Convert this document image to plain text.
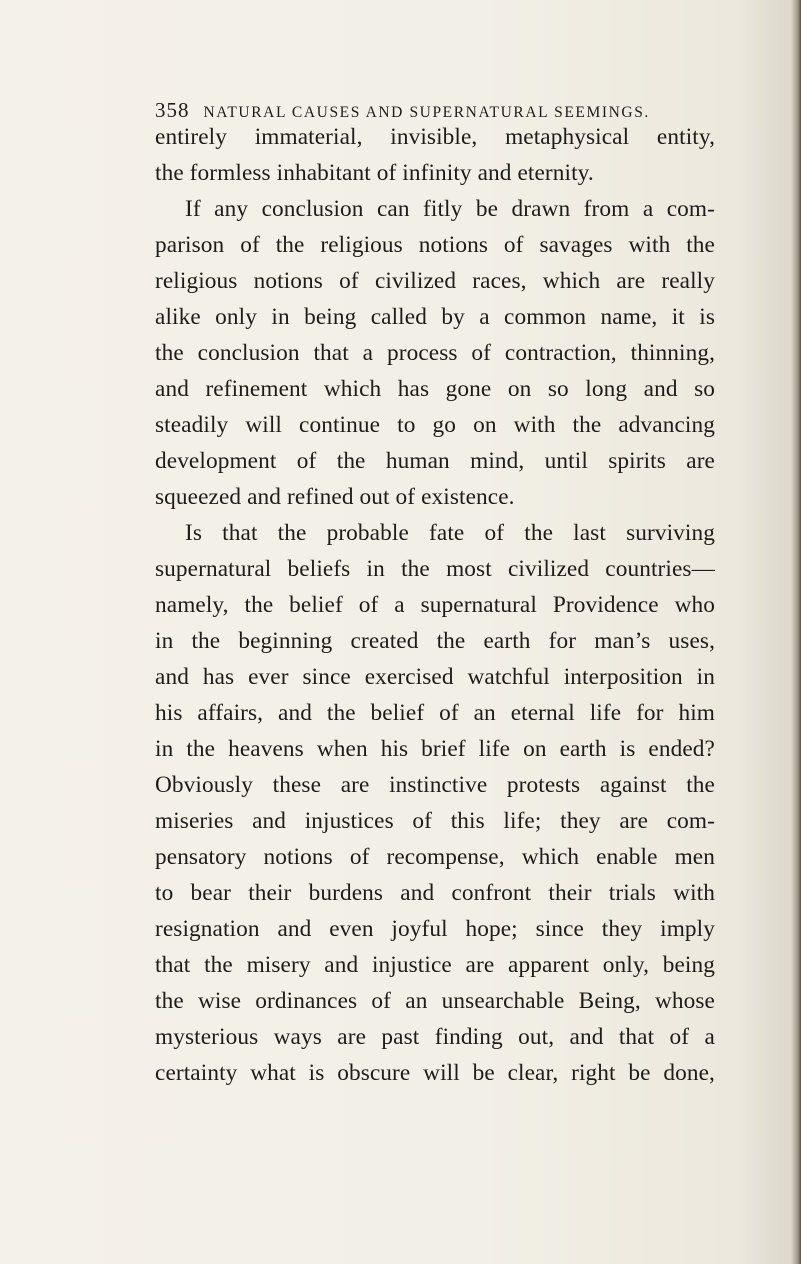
358 NATURAL CAUSES AND SUPERNATURAL SEEMINGS.
entirely immaterial, invisible, metaphysical entity,
the formless inhabitant of infinity and eternity.
If any conclusion can fitly be drawn from a com-
parison of the religious notions of savages with the
religious notions of civilized races, which are really
alike only in being called by a common name, it is
the conclusion that a process of contraction, thinning,
and refinement which has gone on so long and so
steadily will continue to go on with the advancing
development of the human mind, until spirits are
squeezed and refined out of existence.
Is that the probable fate of the last surviving
supernatural beliefs in the most civilized countries—
namely, the belief of a supernatural Providence who
in the beginning created the earth for man’s uses,
and has ever since exercised watchful interposition in
his affairs, and the belief of an eternal life for him
in the heavens when his brief life on earth is ended?
Obviously these are instinctive protests against the
miseries and injustices of this life; they are com-
pensatory notions of recompense, which enable men
to bear their burdens and confront their trials with
resignation and even joyful hope; since they imply
that the misery and injustice are apparent only, being
the wise ordinances of an unsearchable Being, whose
mysterious ways are past finding out, and that of a
certainty what is obscure will be clear, right be done,
